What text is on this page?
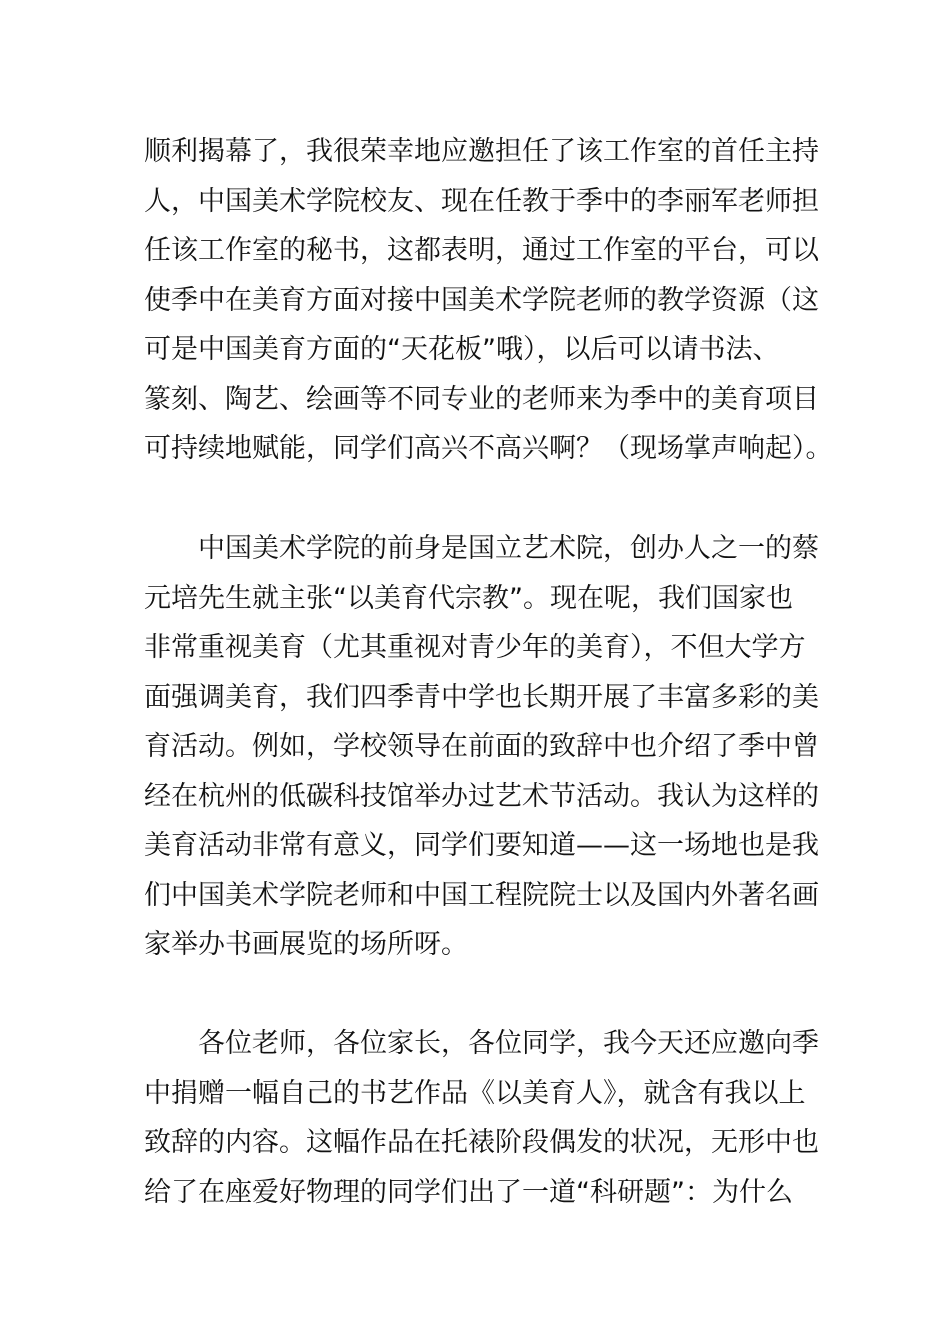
顺利揭幕了，我很荣幸地应邀担任了该工作室的首任主持
人，中国美术学院校友、现在任教于季中的李丽军老师担
任该工作室的秘书，这都表明，通过工作室的平台，可以
使季中在美育方面对接中国美术学院老师的教学资源（这
可是中国美育方面的“天花板”哦），以后可以请书法、
篆刻、陶艺、绘画等不同专业的老师来为季中的美育项目
可持续地赋能，同学们高兴不高兴啊？（现场掌声响起）。
　　中国美术学院的前身是国立艺术院，创办人之一的蔡
元培先生就主张“以美育代宗教”。现在呢，我们国家也
非常重视美育（尤其重视对青少年的美育），不但大学方
面强调美育，我们四季青中学也长期开展了丰富多彩的美
育活动。例如，学校领导在前面的致辞中也介绍了季中曾
经在杭州的低碳科技馆举办过艺术节活动。我认为这样的
美育活动非常有意义，同学们要知道——这一场地也是我
们中国美术学院老师和中国工程院院士以及国内外著名画
家举办书画展览的场所呀。
　　各位老师，各位家长，各位同学，我今天还应邀向季
中捐赠一幅自己的书艺作品《以美育人》，就含有我以上
致辞的内容。这幅作品在托裱阶段偶发的状况，无形中也
给了在座爱好物理的同学们出了一道“科研题”：为什么
